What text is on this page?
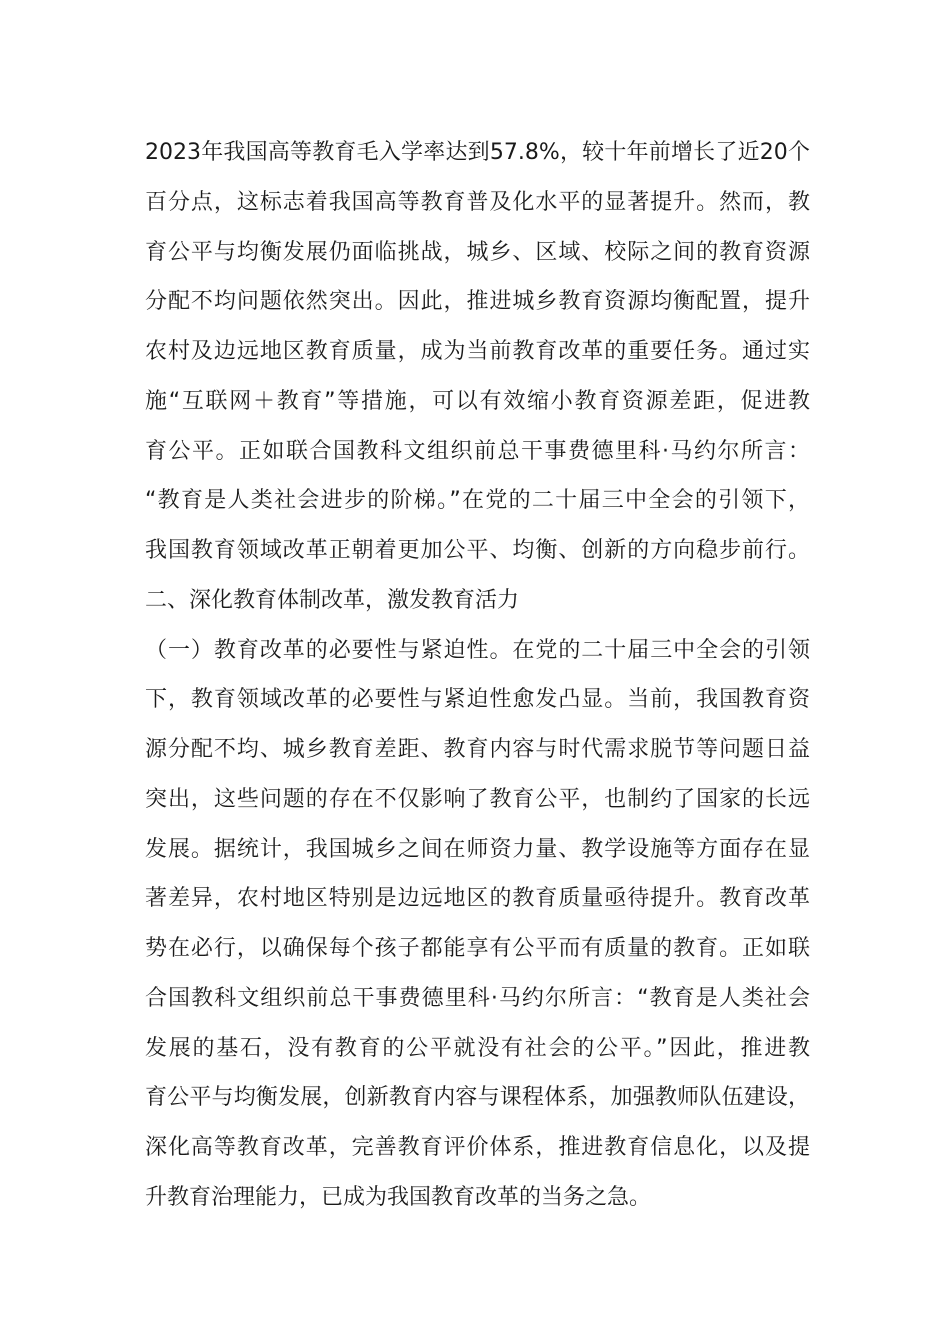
2023年我国高等教育毛入学率达到57.8%，较十年前增长了近20个
百分点，这标志着我国高等教育普及化水平的显著提升。然而，教
育公平与均衡发展仍面临挑战，城乡、区域、校际之间的教育资源
分配不均问题依然突出。因此，推进城乡教育资源均衡配置，提升
农村及边远地区教育质量，成为当前教育改革的重要任务。通过实
施“互联网＋教育”等措施，可以有效缩小教育资源差距，促进教
育公平。正如联合国教科文组织前总干事费德里科·马约尔所言：
“教育是人类社会进步的阶梯。”在党的二十届三中全会的引领下，
我国教育领域改革正朝着更加公平、均衡、创新的方向稳步前行。
二、深化教育体制改革，激发教育活力
（一）教育改革的必要性与紧迫性。在党的二十届三中全会的引领
下，教育领域改革的必要性与紧迫性愈发凸显。当前，我国教育资
源分配不均、城乡教育差距、教育内容与时代需求脱节等问题日益
突出，这些问题的存在不仅影响了教育公平，也制约了国家的长远
发展。据统计，我国城乡之间在师资力量、教学设施等方面存在显
著差异，农村地区特别是边远地区的教育质量亟待提升。教育改革
势在必行，以确保每个孩子都能享有公平而有质量的教育。正如联
合国教科文组织前总干事费德里科·马约尔所言：“教育是人类社会
发展的基石，没有教育的公平就没有社会的公平。”因此，推进教
育公平与均衡发展，创新教育内容与课程体系，加强教师队伍建设，
深化高等教育改革，完善教育评价体系，推进教育信息化，以及提
升教育治理能力，已成为我国教育改革的当务之急。
